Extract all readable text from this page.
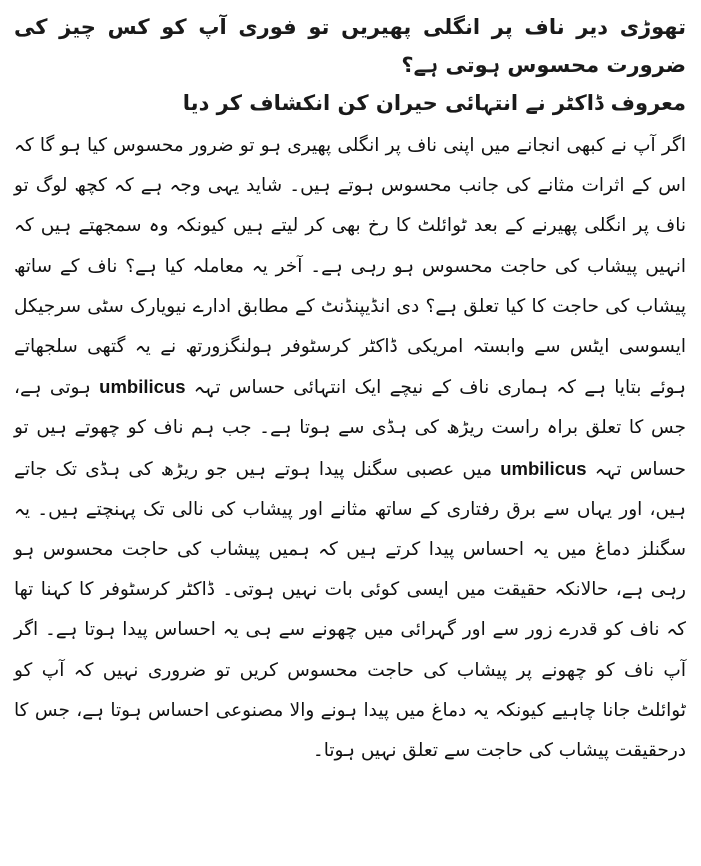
تھوڑی دیر ناف پر انگلی پھیریں تو فوری آپ کو کس چیز کی ضرورت محسوس ہوتی ہے؟
معروف ڈاکٹر نے انتہائی حیران کن انکشاف کر دیا

اگر آپ نے کبھی انجانے میں اپنی ناف پر انگلی پھیری ہو تو ضرور محسوس کیا ہو گا کہ اس کے اثرات مثانے کی جانب محسوس ہوتے ہیں۔ شاید یہی وجہ ہے کہ کچھ لوگ تو ناف پر انگلی پھیرنے کے بعد ٹوائلٹ کا رخ بھی کر لیتے ہیں کیونکہ وہ سمجھتے ہیں کہ انہیں پیشاب کی حاجت محسوس ہو رہی ہے۔ آخر یہ معاملہ کیا ہے؟ ناف کے ساتھ پیشاب کی حاجت کا کیا تعلق ہے؟ دی انڈیپنڈنٹ کے مطابق ادارے نیویارک سٹی سرجیکل ایسوسی ایٹس سے وابستہ امریکی ڈاکٹر کرسٹوفر ہولنگزورتھ نے یہ گتھی سلجھاتے ہوئے بتایا ہے کہ ہماری ناف کے نیچے ایک انتہائی حساس تہہ umbilicus ہوتی ہے، جس کا تعلق براہ راست ریڑھ کی ہڈی سے ہوتا ہے۔ جب ہم ناف کو چھوتے ہیں تو حساس تہہ umbilicus میں عصبی سگنل پیدا ہوتے ہیں جو ریڑھ کی ہڈی تک جاتے ہیں، اور یہاں سے برق رفتاری کے ساتھ مثانے اور پیشاب کی نالی تک پہنچتے ہیں۔ یہ سگنلز دماغ میں یہ احساس پیدا کرتے ہیں کہ ہمیں پیشاب کی حاجت محسوس ہو رہی ہے، حالانکہ حقیقت میں ایسی کوئی بات نہیں ہوتی۔ ڈاکٹر کرسٹوفر کا کہنا تھا کہ ناف کو قدرے زور سے اور گہرائی میں چھونے سے ہی یہ احساس پیدا ہوتا ہے۔ اگر آپ ناف کو چھونے پر پیشاب کی حاجت محسوس کریں تو ضروری نہیں کہ آپ کو ٹوائلٹ جانا چاہیے کیونکہ یہ دماغ میں پیدا ہونے والا مصنوعی احساس ہوتا ہے، جس کا درحقیقت پیشاب کی حاجت سے تعلق نہیں ہوتا۔
